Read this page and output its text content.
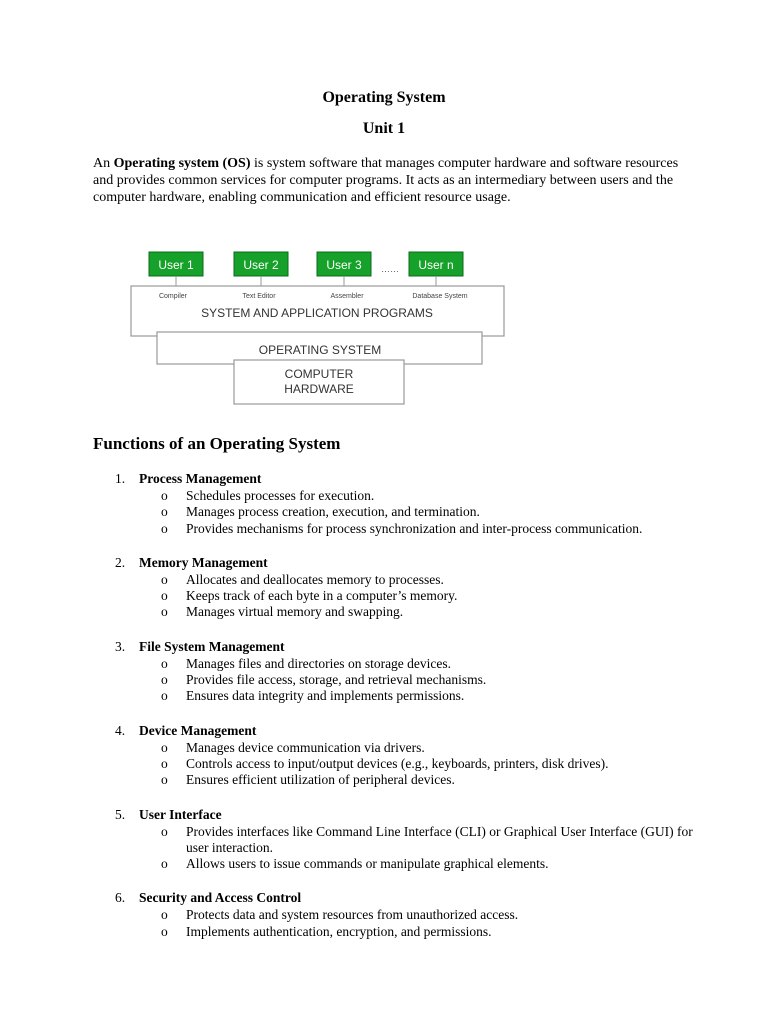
Operating System
Unit 1

An Operating system (OS) is system software that manages computer hardware and software resources and provides common services for computer programs. It acts as an intermediary between users and the computer hardware, enabling communication and efficient resource usage.

User 1	User 2	User 3	User n
……
Compiler	Text Editor	Assembler	Database System
SYSTEM AND APPLICATION PROGRAMS
OPERATING SYSTEM
COMPUTER
HARDWARE
Functions of an Operating System
1.	Process Management
o Schedules processes for execution.
o Manages process creation, execution, and termination.
o Provides mechanisms for process synchronization and inter-process communication.
2.	Memory Management
o Allocates and deallocates memory to processes.
o Keeps track of each byte in a computer’s memory.
o Manages virtual memory and swapping.
3.	File System Management
o Manages files and directories on storage devices.
o Provides file access, storage, and retrieval mechanisms.
o Ensures data integrity and implements permissions.
4.	Device Management
o Manages device communication via drivers.
o Controls access to input/output devices (e.g., keyboards, printers, disk drives).
o Ensures efficient utilization of peripheral devices.
5.	User Interface
o Provides interfaces like Command Line Interface (CLI) or Graphical User Interface (GUI) for user interaction.
o Allows users to issue commands or manipulate graphical elements.
6.	Security and Access Control
o Protects data and system resources from unauthorized access.
o Implements authentication, encryption, and permissions.
